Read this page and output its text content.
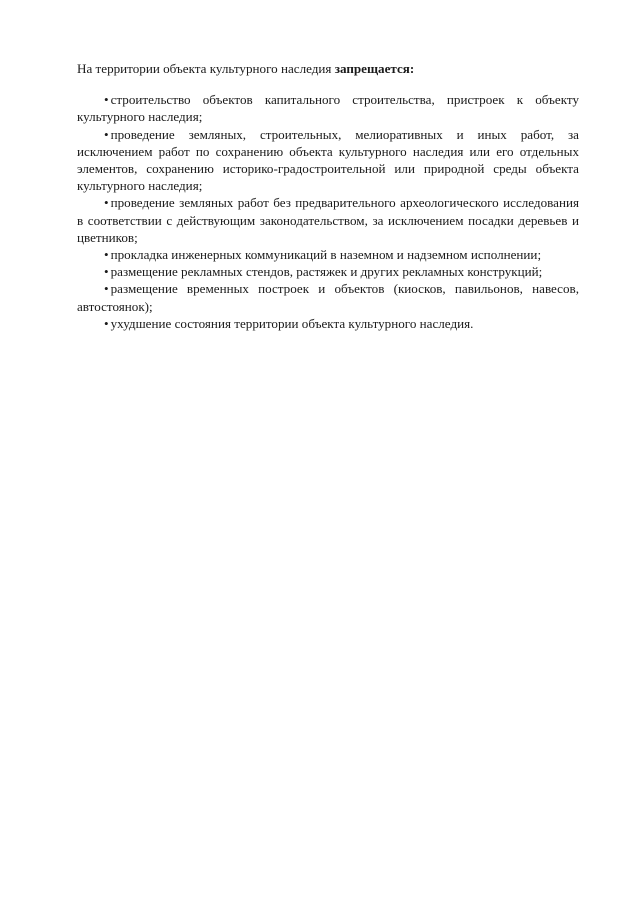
На территории объекта культурного наследия запрещается:

• строительство объектов капитального строительства, пристроек к объекту культурного наследия;

• проведение земляных, строительных, мелиоративных и иных работ, за исключением работ по сохранению объекта культурного наследия или его отдельных элементов, сохранению историко-градостроительной или природной среды объекта культурного наследия;

• проведение земляных работ без предварительного археологического исследования в соответствии с действующим законодательством, за исключением посадки деревьев и цветников;

• прокладка инженерных коммуникаций в наземном и надземном исполнении;

• размещение рекламных стендов, растяжек и других рекламных конструкций;

• размещение временных построек и объектов (киосков, павильонов, навесов, автостоянок);

• ухудшение состояния территории объекта культурного наследия.
